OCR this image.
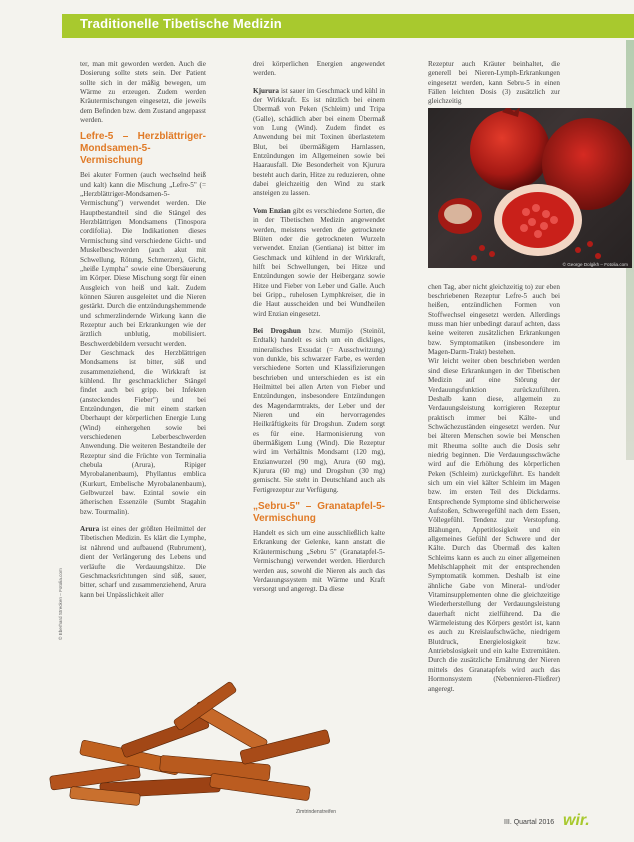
Traditionelle Tibetische Medizin

ter, man mit geworden werden. Auch die Dosierung sollte stets sein. Der Patient sollte sich in der mäßig bewegen, um Wärme zu erzeugen. Zudem werden Kräutermischungen eingesetzt, die jeweils dem Befinden bzw. dem Zustand angepasst werden.

Lefre-5 – Herzblättriger-Mondsamen-5-Vermischung

Bei akuter Formen (auch wechselnd heiß und kalt) kann die Mischung „Lefre-5" (= „Herzblättriger-Mondsamen-5-Vermischung") verwendet werden. Die Hauptbestandteil sind die Stängel des Herzblättrigen Mondsamens (Tinospora cordifolia). Die Indikationen dieses Vermischung sind verschiedene Gicht- und Muskelbeschwerden (auch akut mit Schwellung, Rötung, Schmerzen), Gicht, „heiße Lympha" sowie eine Übersäuerung im Körper. Diese Mischung sorgt für einen Ausgleich von heiß und kalt. Zudem können Säuren ausgeleitet und die Nieren gestärkt. Durch die entzündungshemmende und schmerzlindernde Wirkung kann die Rezeptur auch bei Erkrankungen wie der ärztlich unblutig, mobilisiert. Beschwerdebildern versucht werden.

Der Geschmack des Herzblättrigen Mondsamens ist bitter, süß und zusammenziehend, die Wirkkraft ist kühlend. Ihr geschmacklicher Stängel findet auch bei gripp. bei Infekten (ansteckendes Fieber") und bei Entzündungen, die mit einem starken Überhaupt der körperlichen Energie Lung (Wind) einhergehen sowie bei verschiedenen Leberbeschwerden Anwendung. Die weiteren Bestandteile der Rezeptur sind die Früchte von Terminalia chebula (Arura), Ripiger Myrobalanenbaum), Phyllantus emblica (Kurkurt, Embelische Myrobalanenbaum), Gelbwurzel baw. Ezintal sowie ein ätherischen Essenzöle (Sumbt Stagahin bzw. Tourmalin).

Arura ist eines der größten Heilmittel der Tibetischen Medizin. Es klärt die Lymphe, ist nährend und aufbauend (Rubrument), dient der Verlängerung des Lebens und verläufte die Verdauungshitze. Die Geschmacksrichtungen sind süß, sauer, bitter, scharf und zusammenziehend, Arura kann bei Unpässlichkeit aller

drei körperlichen Energien angewendet werden.

Kjurura ist sauer im Geschmack und kühl in der Wirkkraft. Es ist nützlich bei einem Übermaß von Peken (Schleim) und Tripa (Galle), schädlich aber bei einem Übermaß von Lung (Wind). Zudem findet es Anwendung bei mit Toxinen überlastetem Blut, bei übermäßigem Harnlassen, Entzündungen im Allgemeinen sowie bei Haarausfall. Die Besonderheit von Kjurura besteht auch darin, Hitze zu reduzieren, ohne dabei gleichzeitig den Wind zu stark ansteigen zu lassen.

Vom Enzian gibt es verschiedene Sorten, die in der Tibetischen Medizin angewendet werden, meistens werden die getrocknete Blüten oder die getrockneten Wurzeln verwendet. Enzian (Gentiana) ist bitter im Geschmack und kühlend in der Wirkkraft, hilft bei Schwellungen, bei Hitze und Entzündungen sowie der Heiberganz sowie Hitze und Fieber von Leber und Galle. Auch bei Gripp., ruhelosen Lymphkreiser, die in die Haut ausscheiden und bei Wundheilen wird Enzian eingesetzt.

Bei Drogshun bzw. Mumijo (Steinöl, Erdtalk) handelt es sich um ein dickliges, mineralisches Exsudat (= Ausschwitzung) von dunkle, bis schwarzer Farbe, es werden verschiedene Sorten und Klassifizierungen beschrieben und unterschieden es ist ein Heilmittel bei allen Arten von Fieber und Entzündungen, insbesondere Entzündungen des Magendarmtrakts, der Leber und der Nieren und ein hervorragendes Heilkräftigkeits für Drogshun. Zudem sorgt es für eine. Harmonisierung von übermäßigem Lung (Wind). Die Rezeptur wird im Verhältnis Mondsamt (120 mg), Enzianwurzel (90 mg), Arura (60 mg), Kjurura (60 mg) und Drogshun (30 mg) gemischt. Sie steht in Deutschland auch als Fertigrezeptur zur Verfügung.

„Sebru-5" – Granatapfel-5-Vermischung

Handelt es sich um eine ausschließlich kalte Erkrankung der Gelenke, kann anstatt die Kräutermischung „Sebru 5" (Granatapfel-5-Vermischung) verwendet werden. Hierdurch werden aus, sowohl die Nieren als auch das Verdauungssystem mit Wärme und Kraft versorgt und angeregt. Da diese

Rezeptur auch Kräuter beinhaltet, die generell bei Nieren-Lymph-Erkrankungen eingesetzt werden, kann Sebru-5 in einen Fällen leichten Dosis (3) zusätzlich zur gleichzeitig

chen Tag, aber nicht gleichzeitig to) zur eben beschriebenen Rezeptur Lefre-5 auch bei heißen, entzündlichen Formen von Stoffwechsel eingesetzt werden. Allerdings muss man hier unbedingt darauf achten, dass keine weiteren zusätzlichen Erkrankungen bzw. Symptomatiken (insbesondere im Magen-Darm-Trakt) bestehen.

Wir leicht weiter oben beschrieben werden sind diese Erkrankungen in der Tibetischen Medizin auf eine Störung der Verdauungsfunktion zurückzuführen. Deshalb kann diese, allgemein zu Verdauungsleistung korrigieren Rezeptur praktisch immer bei Kälte- und Schwächezuständen eingesetzt werden. Nur bei älteren Menschen sowie bei Menschen mit Rheuma sollte auch die Dosis sehr niedrig beginnen. Die Verdauungsschwäche wird auf die Erhöhung des körperlichen Peken (Schleim) zurückgeführt. Es handelt sich um ein viel kälter Schleim im Magen bzw. im ersten Teil des Dickdarms. Entsprechende Symptome sind üblicherweise Aufstoßen, Schweregefühl nach dem Essen, Völlegefühl. Tendenz zur Verstopfung. Blähungen, Appetitlosigkeit und ein allgemeines Gefühl der Schwere und der Kälte. Durch das Übermaß des kalten Schleims kann es auch zu einer allgemeinen Mehlschlappheit mit der entsprechenden Symptomatik kommen. Deshalb ist eine ähnliche Gabe von Mineral- und/oder Vitaminsupplementen ohne die gleichzeitige Wiederherstellung der Verdauungsleistung dauerhaft nicht zielführend. Da die Wärmeleistung des Körpers gestört ist, kann es auch zu Kreislaufschwäche, niedrigem Blutdruck, Energielosigkeit bzw. Antriebslosigkeit und ein kalte Extremitäten. Durch die zusätzliche Ernährung der Nieren mittels des Granatapfels wird auch das Hormonsystem (Nebennieren-Fließrer) angeregt.

© George Dolgikh – Fotolia.com
© Eberhard Strecken – Fotolia.com
Zimtrindenstreifen
III. Quartal 2016 wir.
